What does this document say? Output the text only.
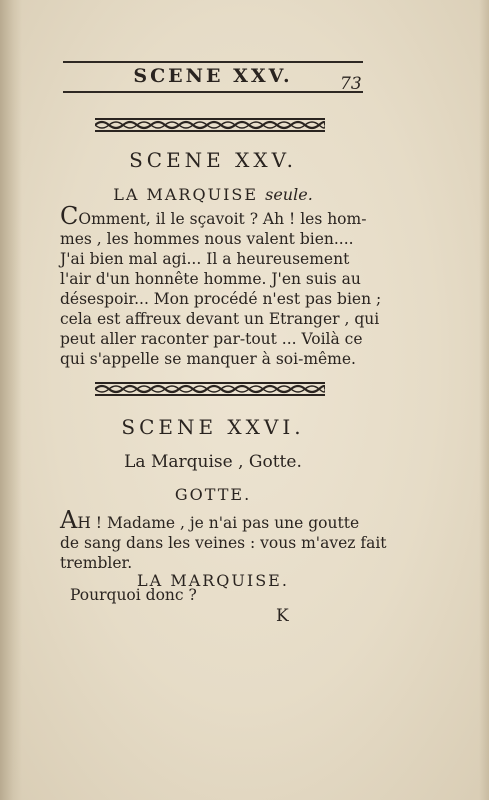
SCENE XXV.	73
SCENE XXV.
LA MARQUISE seule.
COmment, il le sçavoit ? Ah ! les hom-
mes , les hommes nous valent bien....
J'ai bien mal agi... Il a heureusement
l'air d'un honnête homme. J'en suis au
désespoir... Mon procédé n'est pas bien ;
cela est affreux devant un Etranger , qui
peut aller raconter par-tout ... Voilà ce
qui s'appelle se manquer à soi-même.
SCENE XXVI.
La Marquise , Gotte.
GOTTE.
AH ! Madame , je n'ai pas une goutte
de sang dans les veines : vous m'avez fait
trembler.
LA MARQUISE.
Pourquoi donc ?
K
